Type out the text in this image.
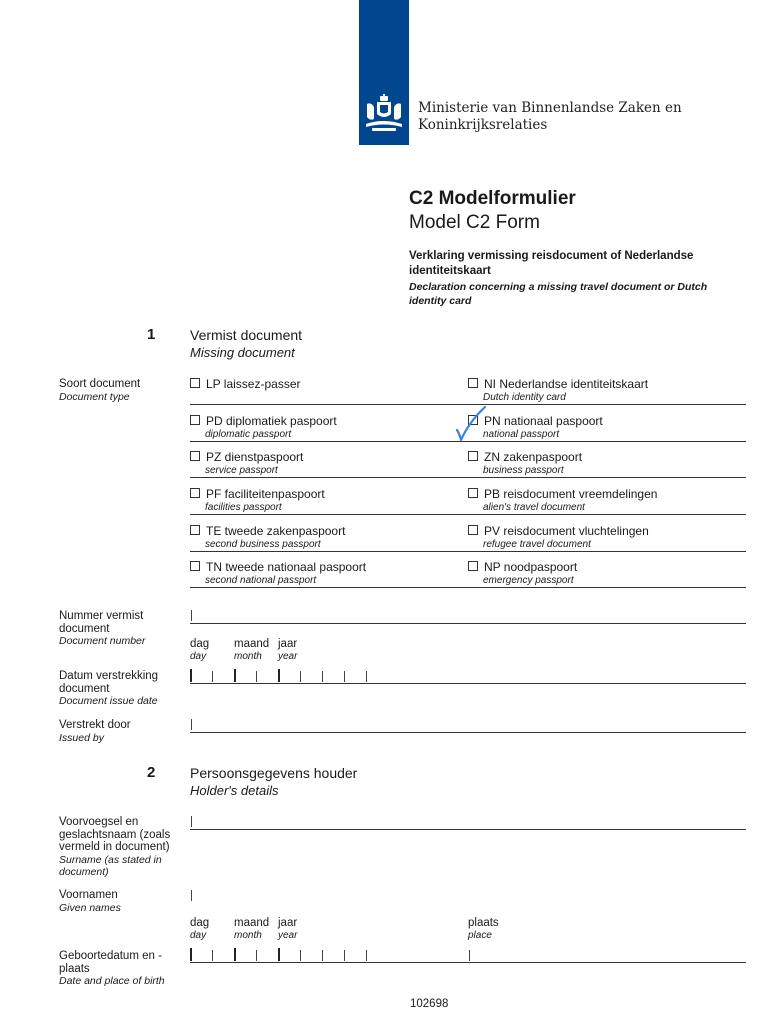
Ministerie van Binnenlandse Zaken en
Koninkrijksrelaties
C2 Modelformulier
Model C2 Form
Verklaring vermissing reisdocument of Nederlandse identiteitskaart
Declaration concerning a missing travel document or Dutch identity card
1 Vermist document
Missing document
Soort document
Document type
LP laissez-passer	NI Nederlandse identiteitskaart
Dutch identity card
PD diplomatiek paspoort
diplomatic passport
PN nationaal paspoort
national passport
PZ dienstpaspoort
service passport
ZN zakenpaspoort
business passport
PF faciliteitenpaspoort
facilities passport
PB reisdocument vreemdelingen
alien's travel document
TE tweede zakenpaspoort
second business passport
PV reisdocument vluchtelingen
refugee travel document
TN tweede nationaal paspoort
second national passport
NP noodpaspoort
emergency passport
Nummer vermist document
Document number	dag
day
maand
month
jaar
year
Datum verstrekking document
Document issue date
Verstrekt door
Issued by
2 Persoonsgegevens houder
Holder's details
Voorvoegsel en geslachtsnaam (zoals vermeld in document)
Surname (as stated in document)
Voornamen
Given names
dag
day
maand
month
jaar
year
plaats
place
Geboortedatum en -plaats
Date and place of birth
102698
